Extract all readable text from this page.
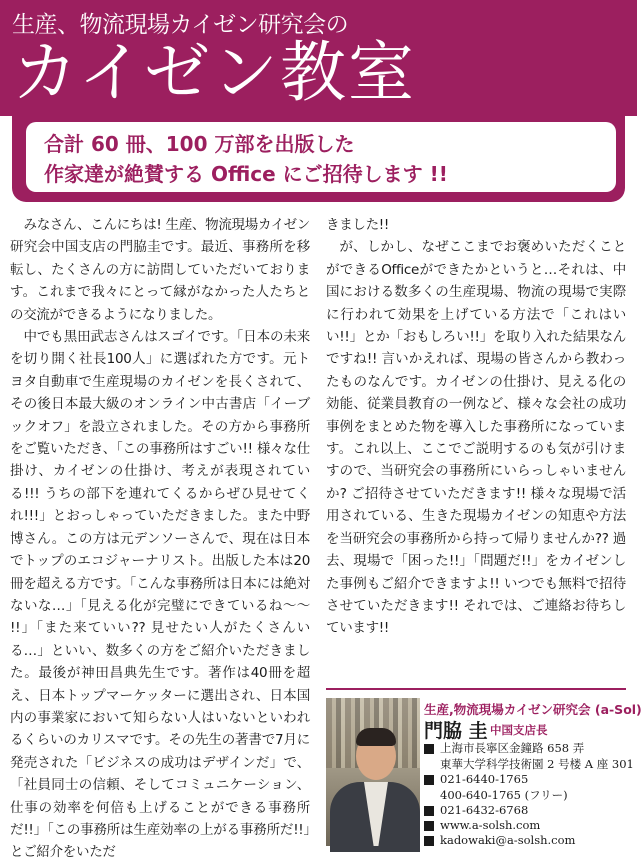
生産、物流現場カイゼン研究会の
カイゼン教室
合計 60 冊、100 万部を出版した
作家達が絶賛する Office にご招待します !!

みなさん、こんにちは! 生産、物流現場カイゼン研究会中国支店の門脇圭です。最近、事務所を移転し、たくさんの方に訪問していただいております。これまで我々にとって縁がなかった人たちとの交流ができるようになりました。

中でも黒田武志さんはスゴイです。「日本の未来を切り開く社長100人」に選ばれた方です。元トヨタ自動車で生産現場のカイゼンを長くされて、その後日本最大級のオンライン中古書店「イーブックオフ」を設立されました。その方から事務所をご覧いただき、「この事務所はすごい!! 様々な仕掛け、カイゼンの仕掛け、考えが表現されている!!! うちの部下を連れてくるからぜひ見せてくれ!!!」とおっしゃっていただきました。また中野博さん。この方は元デンソーさんで、現在は日本でトップのエコジャーナリスト。出版した本は20冊を超える方です。「こんな事務所は日本には絶対ないな…」「見える化が完璧にできているね〜〜 !!」「また来ていい?? 見せたい人がたくさんいる…」といい、数多くの方をご紹介いただきました。最後が神田昌典先生です。著作は40冊を超え、日本トップマーケッターに選出され、日本国内の事業家において知らない人はいないといわれるくらいのカリスマです。その先生の著書で7月に発売された「ビジネスの成功はデザインだ」で、「社員同士の信頼、そしてコミュニケーション、仕事の効率を何倍も上げることができる事務所だ!!」「この事務所は生産効率の上がる事務所だ!!」とご紹介をいただ

きました!!

が、しかし、なぜここまでお褒めいただくことができるOfficeができたかというと…それは、中国における数多くの生産現場、物流の現場で実際に行われて効果を上げている方法で「これはいい!!」とか「おもしろい!!」を取り入れた結果なんですね!! 言いかえれば、現場の皆さんから教わったものなんです。カイゼンの仕掛け、見える化の効能、従業員教育の一例など、様々な会社の成功事例をまとめた物を導入した事務所になっています。これ以上、ここでご説明するのも気が引けますので、当研究会の事務所にいらっしゃいませんか? ご招待させていただきます!! 様々な現場で活用されている、生きた現場カイゼンの知恵や方法を当研究会の事務所から持って帰りませんか?? 過去、現場で「困った!!」「問題だ!!」をカイゼンした事例もご紹介できますよ!! いつでも無料で招待させていただきます!! それでは、ご連絡お待ちしています!!

生産,物流現場カイゼン研究会 (a-Sol)
門脇 圭 中国支店長
上海市長寧区金鐘路 658 弄
東華大学科学技術園 2 号楼 A 座 301
021-6440-1765
400-640-1765 (フリー)
021-6432-6768
www.a-solsh.com
kadowaki@a-solsh.com
